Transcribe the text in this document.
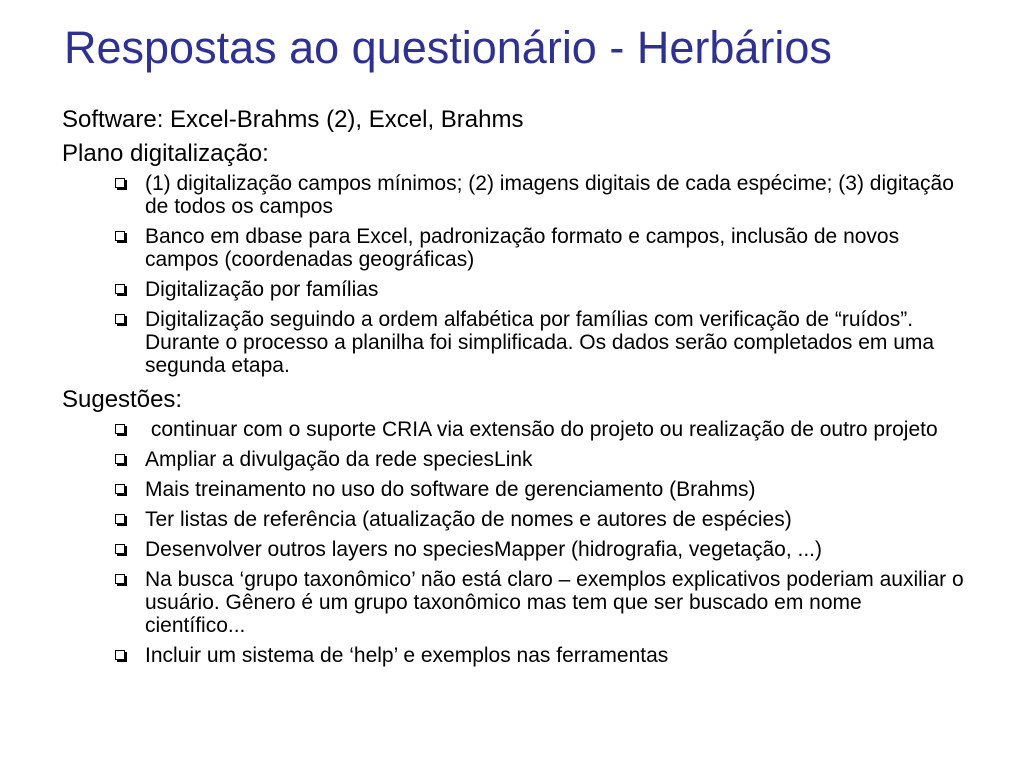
Respostas ao questionário - Herbários
Software: Excel-Brahms (2), Excel, Brahms
Plano digitalização:
(1) digitalização campos mínimos; (2) imagens digitais de cada espécime; (3) digitação de todos os campos
Banco em dbase para Excel, padronização formato e campos, inclusão de novos campos (coordenadas geográficas)
Digitalização por famílias
Digitalização seguindo a ordem alfabética por famílias com verificação de “ruídos”. Durante o processo a planilha foi simplificada. Os dados serão completados em uma segunda etapa.
Sugestões:
continuar com o suporte CRIA via extensão do projeto ou realização de outro projeto
Ampliar a divulgação da rede speciesLink
Mais treinamento no uso do software de gerenciamento (Brahms)
Ter listas de referência (atualização de nomes e autores de espécies)
Desenvolver outros layers no speciesMapper (hidrografia, vegetação, ...)
Na busca ‘grupo taxonômico’ não está claro – exemplos explicativos poderiam auxiliar o usuário. Gênero é um grupo taxonômico mas tem que ser buscado em nome científico...
Incluir um sistema de ‘help’ e exemplos nas ferramentas
